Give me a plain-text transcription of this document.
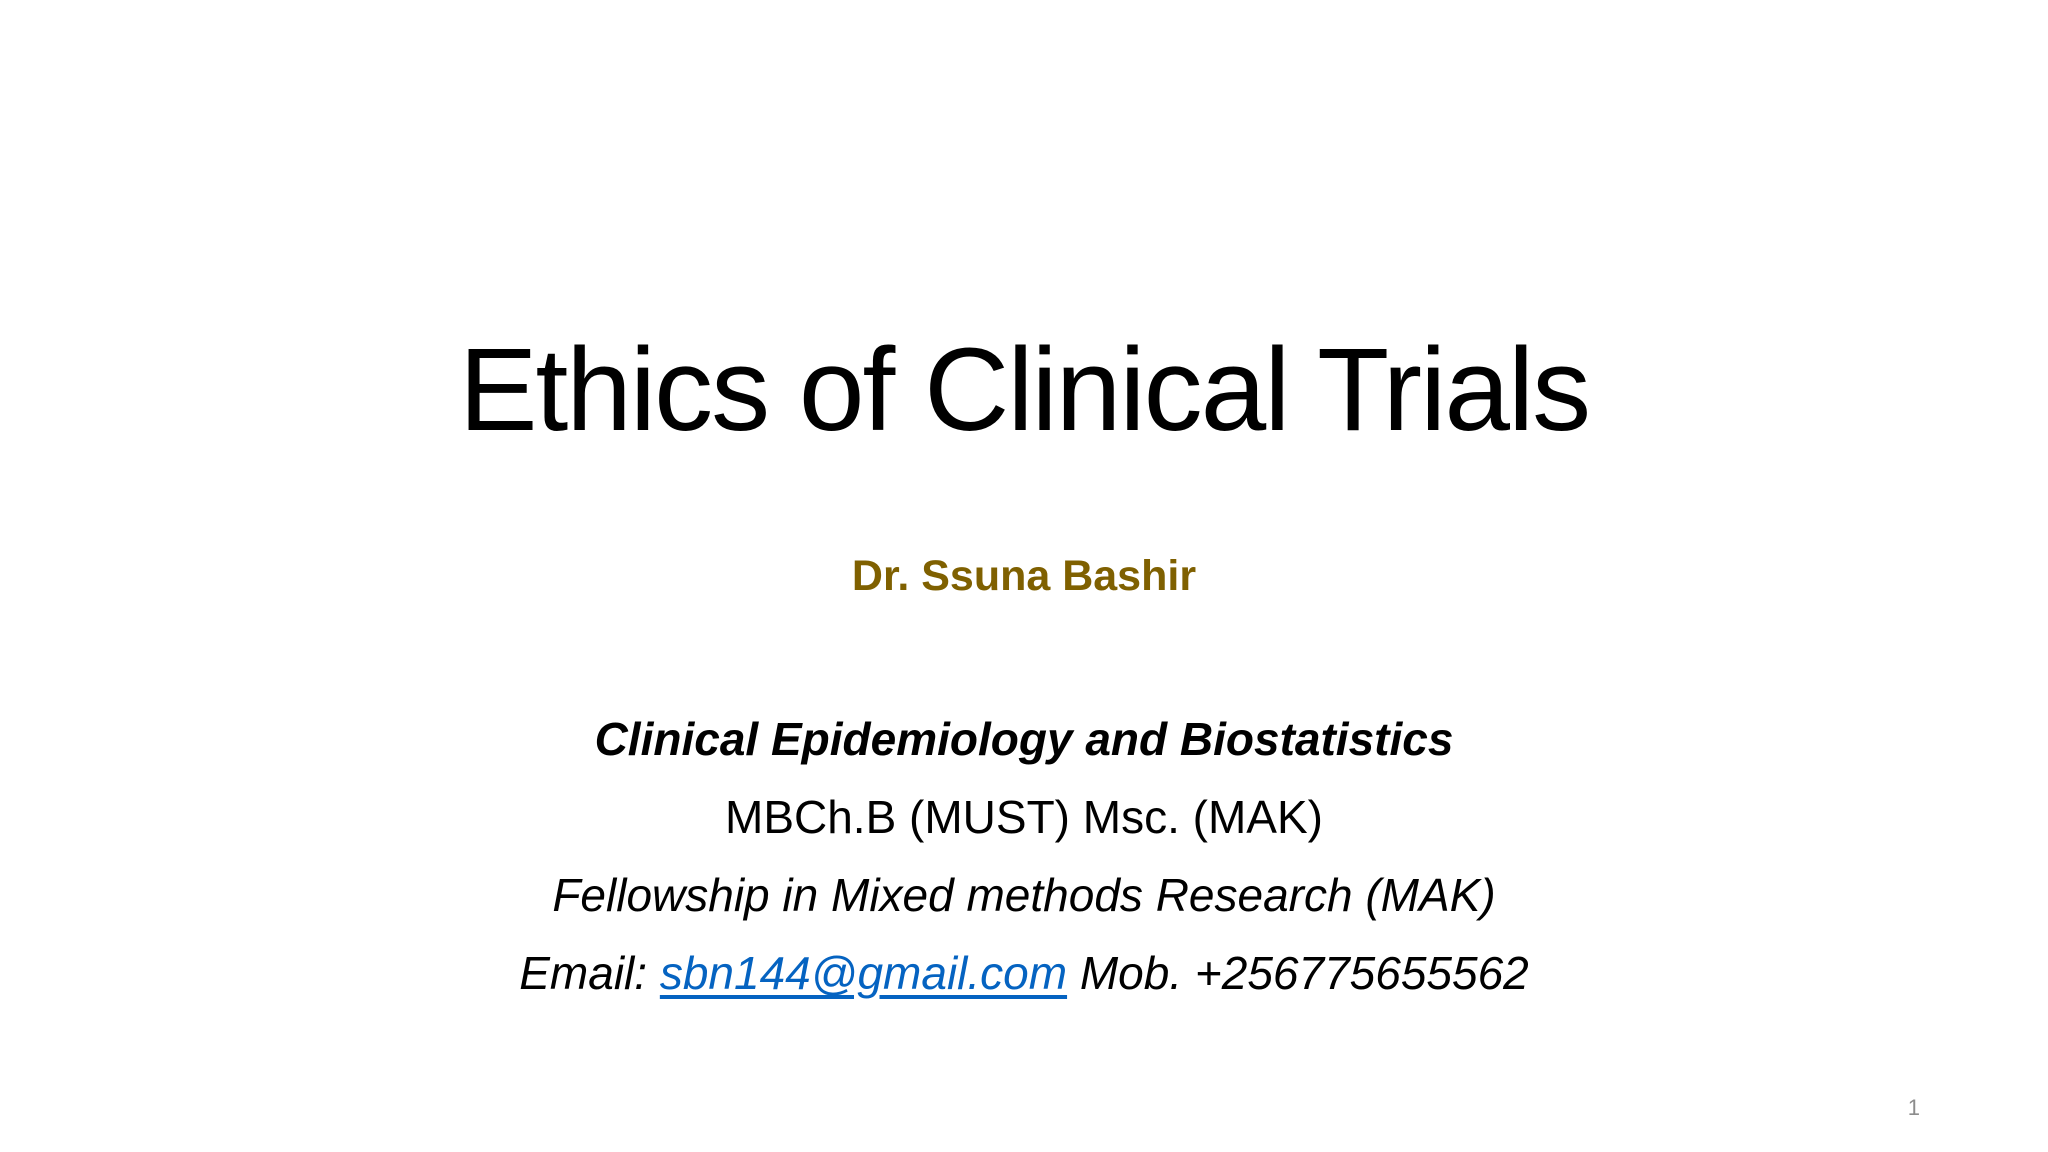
Ethics of Clinical Trials
Dr. Ssuna Bashir
Clinical Epidemiology and Biostatistics
MBCh.B (MUST) Msc. (MAK)
Fellowship in Mixed methods Research (MAK)
Email: sbn144@gmail.com Mob. +256775655562
1
